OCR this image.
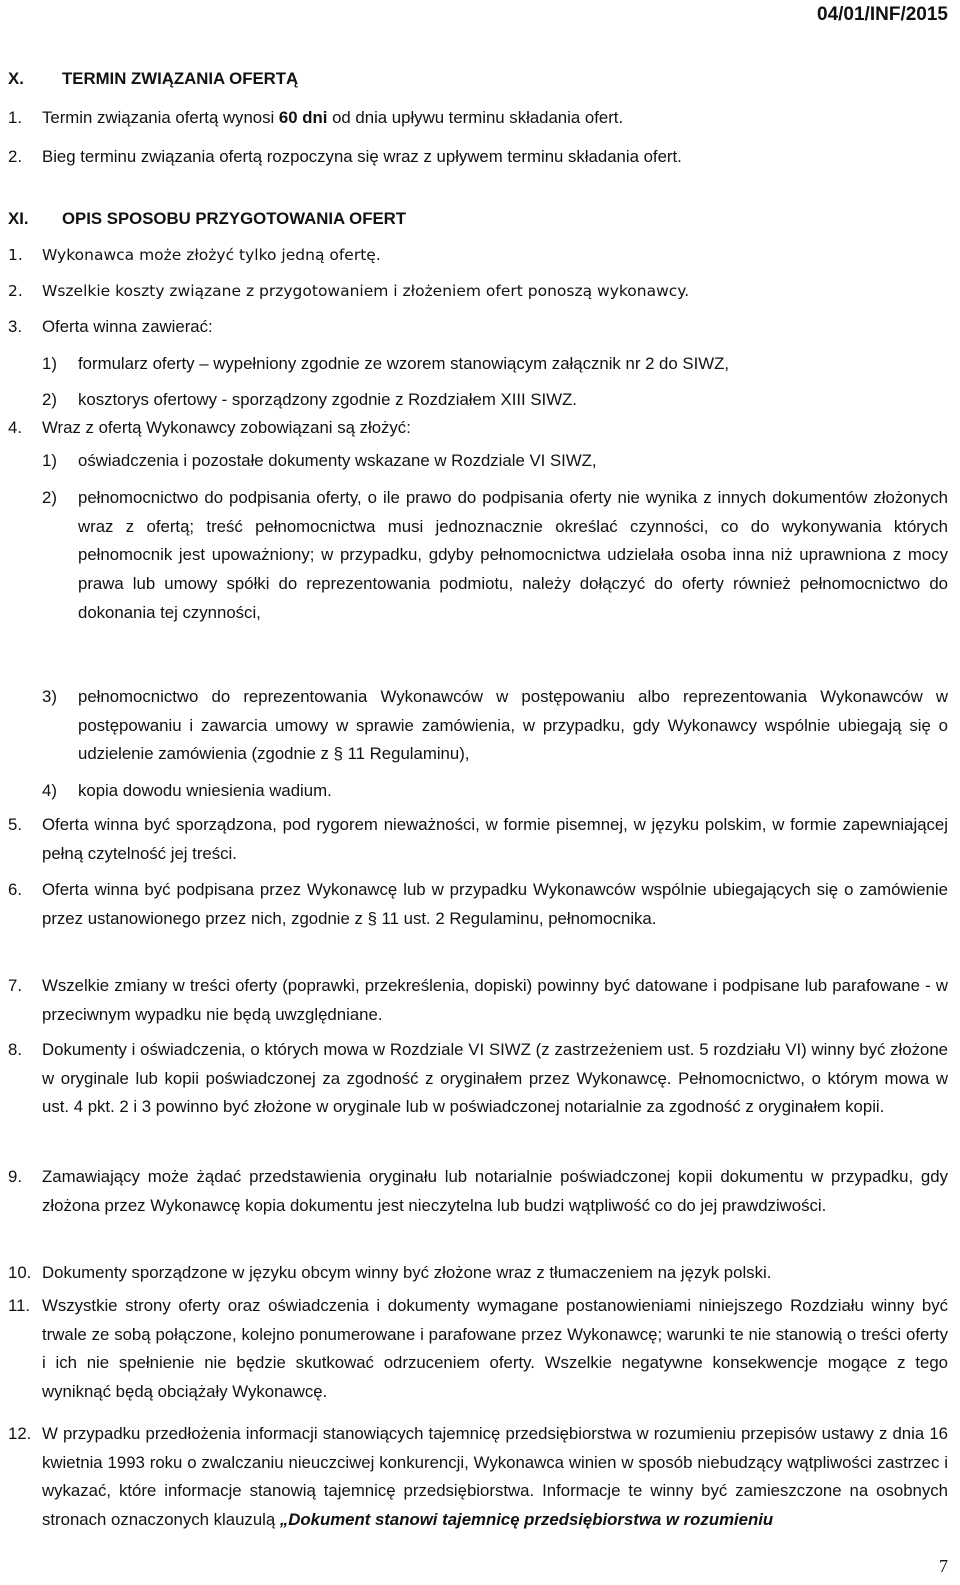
04/01/INF/2015
X. TERMIN ZWIĄZANIA OFERTĄ
1. Termin związania ofertą wynosi 60 dni od dnia upływu terminu składania ofert.
2. Bieg terminu związania ofertą rozpoczyna się wraz z upływem terminu składania ofert.
XI. OPIS SPOSOBU PRZYGOTOWANIA OFERT
1. Wykonawca może złożyć tylko jedną ofertę.
2. Wszelkie koszty związane z przygotowaniem i złożeniem ofert ponoszą wykonawcy.
3. Oferta winna zawierać:
1) formularz oferty – wypełniony zgodnie ze wzorem stanowiącym załącznik nr 2 do SIWZ,
2) kosztorys ofertowy - sporządzony zgodnie z Rozdziałem XIII SIWZ.
4. Wraz z ofertą Wykonawcy zobowiązani są złożyć:
1) oświadczenia i pozostałe dokumenty wskazane w Rozdziale VI SIWZ,
2) pełnomocnictwo do podpisania oferty, o ile prawo do podpisania oferty nie wynika z innych dokumentów złożonych wraz z ofertą; treść pełnomocnictwa musi jednoznacznie określać czynności, co do wykonywania których pełnomocnik jest upoważniony; w przypadku, gdyby pełnomocnictwa udzielała osoba inna niż uprawniona z mocy prawa lub umowy spółki do reprezentowania podmiotu, należy dołączyć do oferty również pełnomocnictwo do dokonania tej czynności,
3) pełnomocnictwo do reprezentowania Wykonawców w postępowaniu albo reprezentowania Wykonawców w postępowaniu i zawarcia umowy w sprawie zamówienia, w przypadku, gdy Wykonawcy wspólnie ubiegają się o udzielenie zamówienia (zgodnie z § 11 Regulaminu),
4) kopia dowodu wniesienia wadium.
5. Oferta winna być sporządzona, pod rygorem nieważności, w formie pisemnej, w języku polskim, w formie zapewniającej pełną czytelność jej treści.
6. Oferta winna być podpisana przez Wykonawcę lub w przypadku Wykonawców wspólnie ubiegających się o zamówienie przez ustanowionego przez nich, zgodnie z § 11 ust. 2 Regulaminu, pełnomocnika.
7. Wszelkie zmiany w treści oferty (poprawki, przekreślenia, dopiski) powinny być datowane i podpisane lub parafowane - w przeciwnym wypadku nie będą uwzględniane.
8. Dokumenty i oświadczenia, o których mowa w Rozdziale VI SIWZ (z zastrzeżeniem ust. 5 rozdziału VI) winny być złożone w oryginale lub kopii poświadczonej za zgodność z oryginałem przez Wykonawcę. Pełnomocnictwo, o którym mowa w ust. 4 pkt. 2 i 3 powinno być złożone w oryginale lub w poświadczonej notarialnie za zgodność z oryginałem kopii.
9. Zamawiający może żądać przedstawienia oryginału lub notarialnie poświadczonej kopii dokumentu w przypadku, gdy złożona przez Wykonawcę kopia dokumentu jest nieczytelna lub budzi wątpliwość co do jej prawdziwości.
10. Dokumenty sporządzone w języku obcym winny być złożone wraz z tłumaczeniem na język polski.
11. Wszystkie strony oferty oraz oświadczenia i dokumenty wymagane postanowieniami niniejszego Rozdziału winny być trwale ze sobą połączone, kolejno ponumerowane i parafowane przez Wykonawcę; warunki te nie stanowią o treści oferty i ich nie spełnienie nie będzie skutkować odrzuceniem oferty. Wszelkie negatywne konsekwencje mogące z tego wyniknąć będą obciążały Wykonawcę.
12. W przypadku przedłożenia informacji stanowiących tajemnicę przedsiębiorstwa w rozumieniu przepisów ustawy z dnia 16 kwietnia 1993 roku o zwalczaniu nieuczciwej konkurencji, Wykonawca winien w sposób niebudzący wątpliwości zastrzec i wykazać, które informacje stanowią tajemnicę przedsiębiorstwa. Informacje te winny być zamieszczone na osobnych stronach oznaczonych klauzulą „Dokument stanowi tajemnicę przedsiębiorstwa w rozumieniu
7
